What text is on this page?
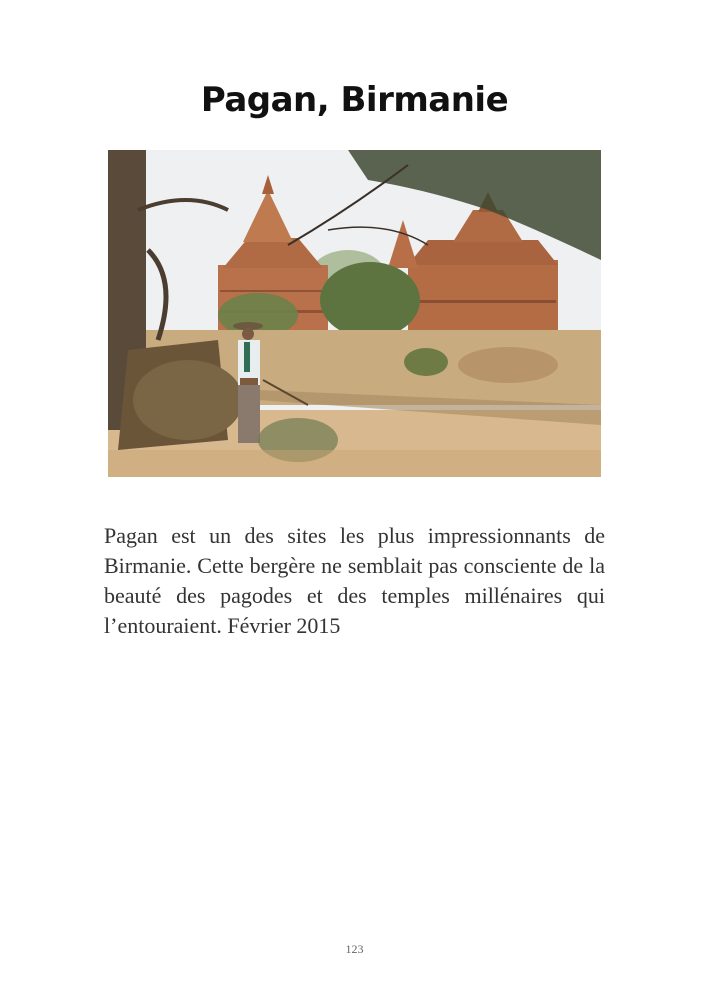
Pagan, Birmanie
Pagan est un des sites les plus impressionnants de Birmanie. Cette bergère ne semblait pas consciente de la beauté des pagodes et des temples millénaires qui l’entouraient. Février 2015
123
